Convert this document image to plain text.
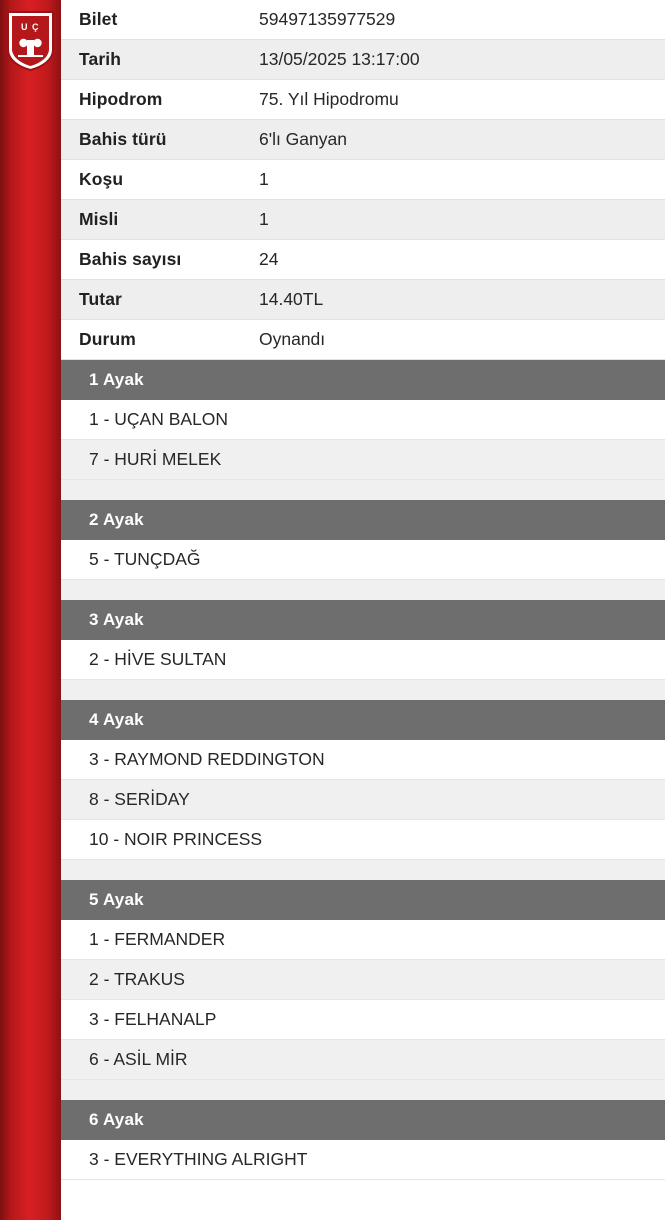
U Ç Bilet	59497135977529
Tarih	13/05/2025 13:17:00
Hipodrom	75. Yıl Hipodromu
Bahis türü	6'lı Ganyan
Koşu	1
Misli	1
Bahis sayısı	24
Tutar	14.40TL
Durum	Oynandı
1 Ayak
1 - UÇAN BALON
7 - HURİ MELEK
2 Ayak
5 - TUNÇDAĞ
3 Ayak
2 - HİVE SULTAN
4 Ayak
3 - RAYMOND REDDINGTON
8 - SERİDAY
10 - NOIR PRINCESS
5 Ayak
1 - FERMANDER
2 - TRAKUS
3 - FELHANALP
6 - ASİL MİR
6 Ayak
3 - EVERYTHING ALRIGHT
